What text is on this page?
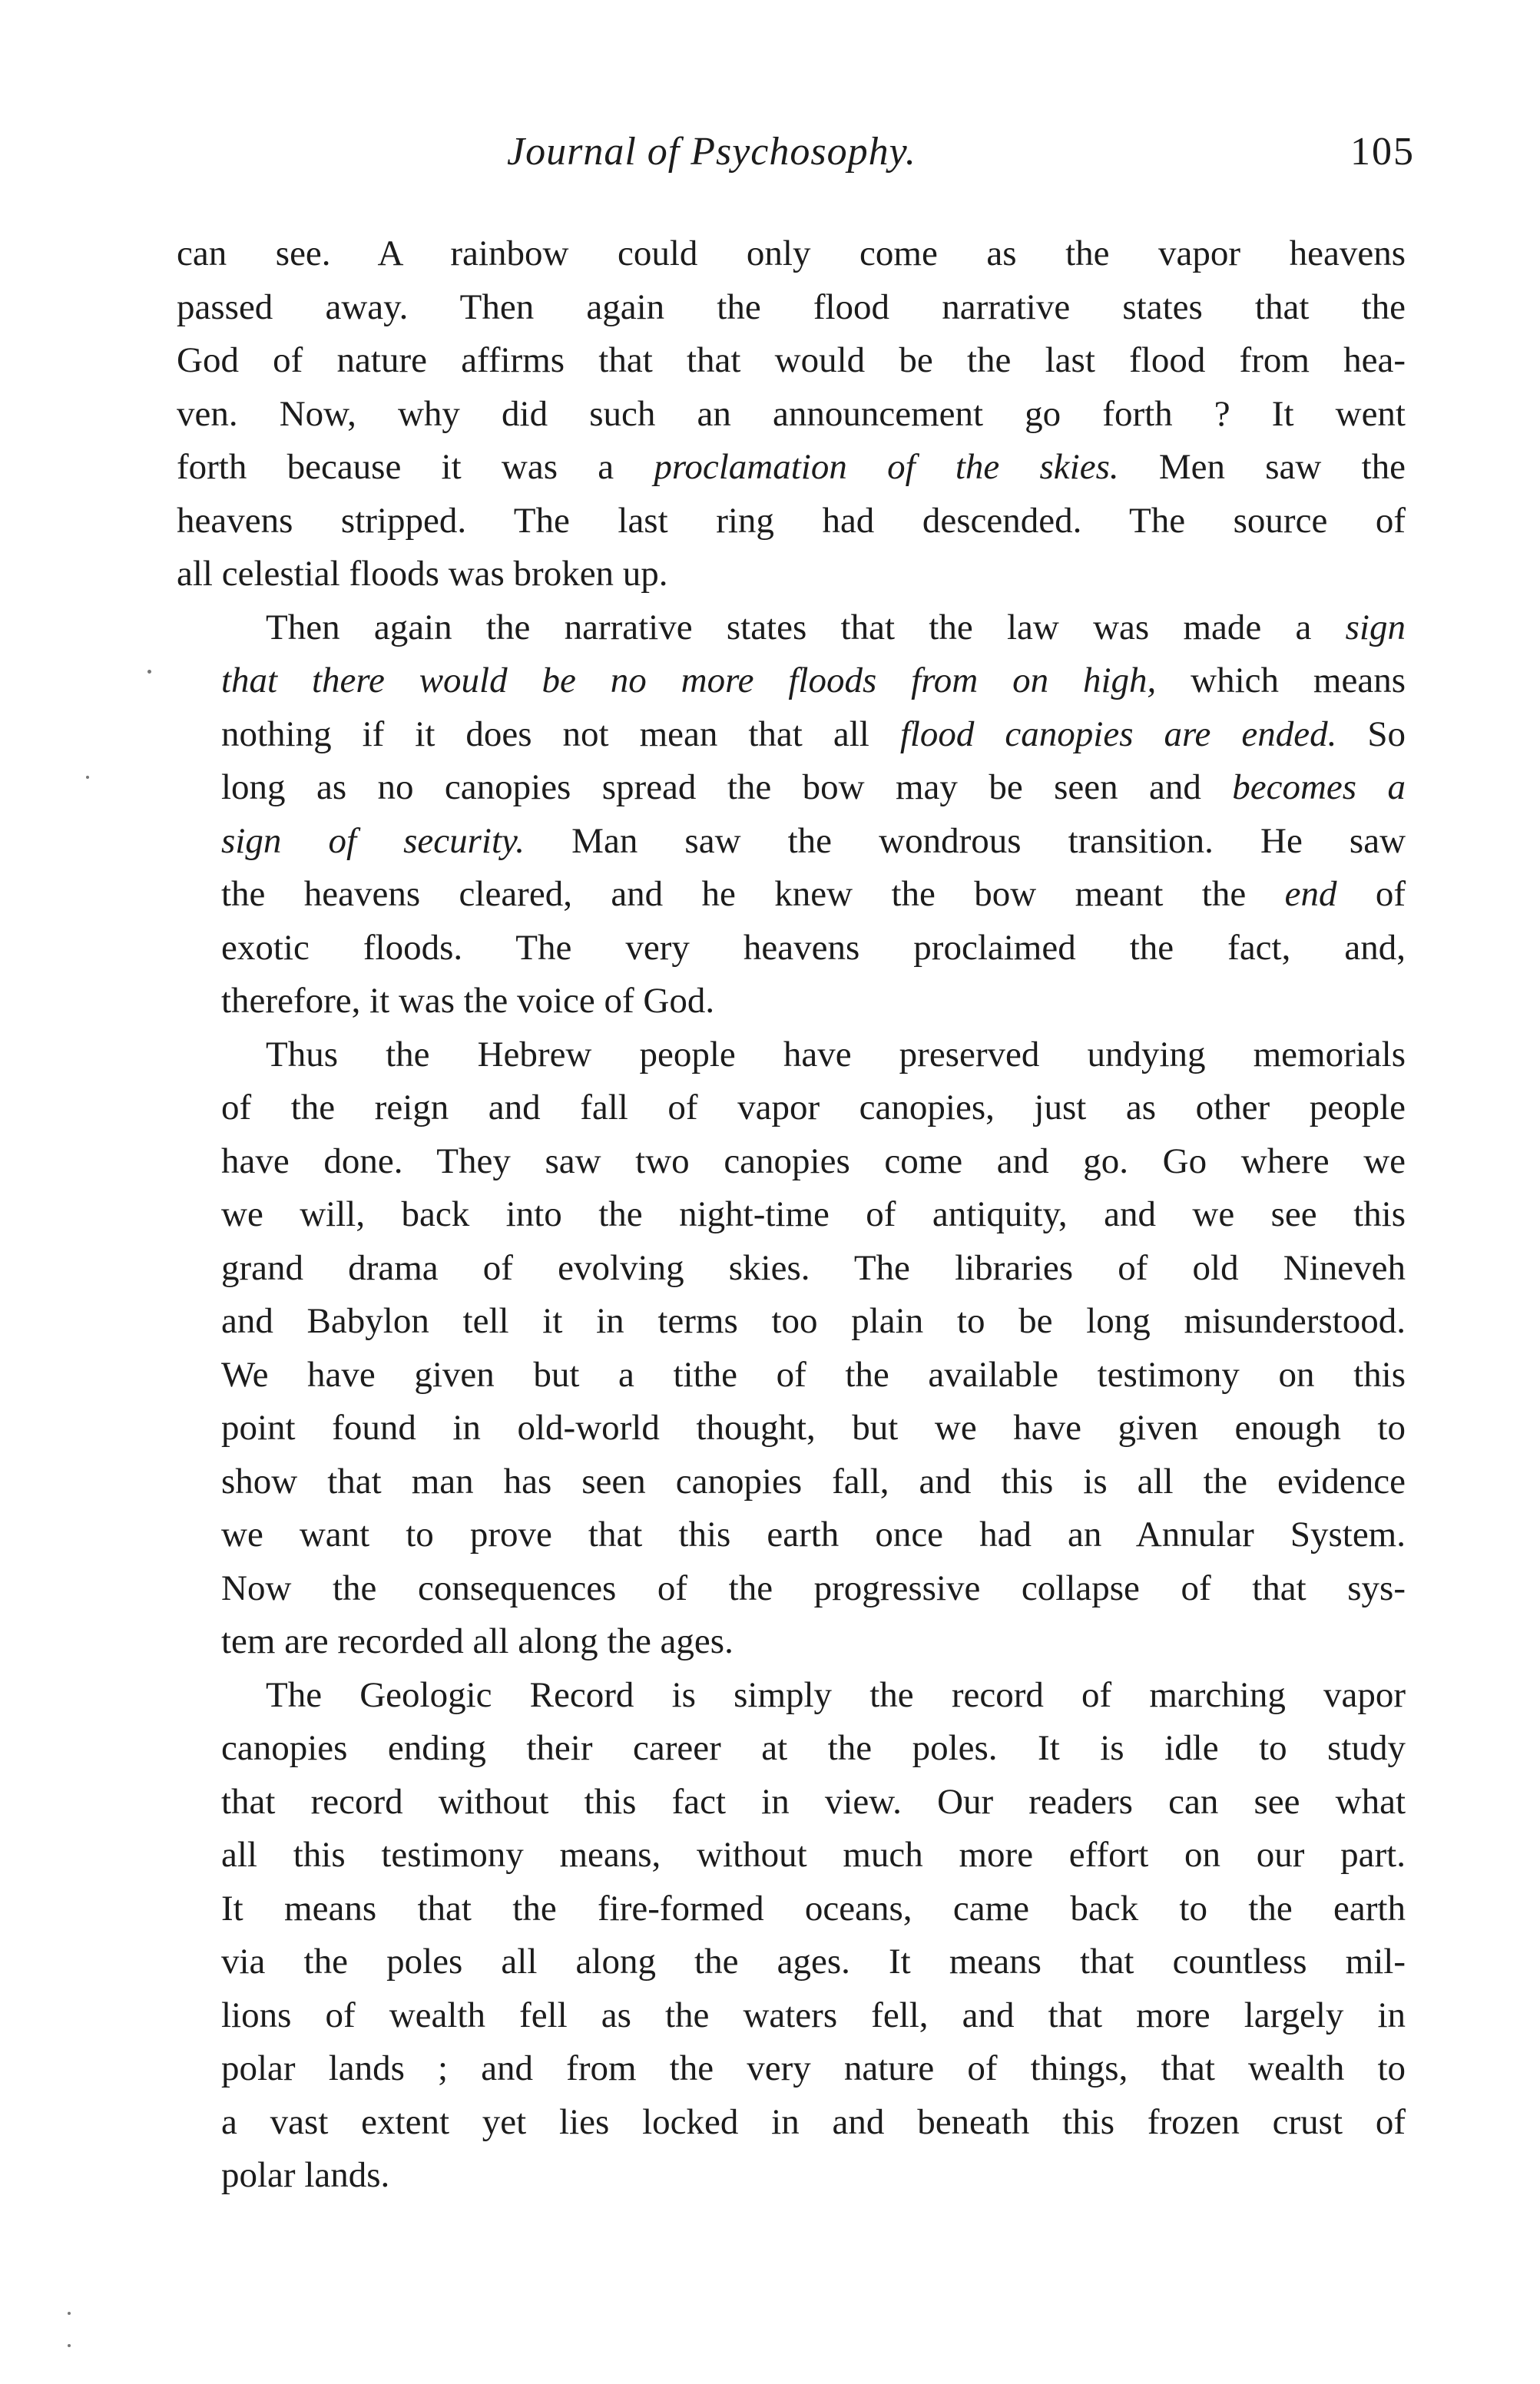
Journal of Psychosophy.	105

can see. A rainbow could only come as the vapor heavens
passed away. Then again the flood narrative states that the
God of nature affirms that that would be the last flood from hea-
ven. Now, why did such an announcement go forth ? It went
forth because it was a proclamation of the skies. Men saw the
heavens stripped. The last ring had descended. The source of
all celestial floods was broken up.

Then again the narrative states that the law was made a sign
that there would be no more floods from on high, which means
nothing if it does not mean that all flood canopies are ended. So
long as no canopies spread the bow may be seen and becomes a
sign of security. Man saw the wondrous transition. He saw
the heavens cleared, and he knew the bow meant the end of
exotic floods. The very heavens proclaimed the fact, and,
therefore, it was the voice of God.

Thus the Hebrew people have preserved undying memorials
of the reign and fall of vapor canopies, just as other people
have done. They saw two canopies come and go. Go where we
we will, back into the night-time of antiquity, and we see this
grand drama of evolving skies. The libraries of old Nineveh
and Babylon tell it in terms too plain to be long misunderstood.
We have given but a tithe of the available testimony on this
point found in old-world thought, but we have given enough to
show that man has seen canopies fall, and this is all the evidence
we want to prove that this earth once had an Annular System.
Now the consequences of the progressive collapse of that sys-
tem are recorded all along the ages.

The Geologic Record is simply the record of marching vapor
canopies ending their career at the poles. It is idle to study
that record without this fact in view. Our readers can see what
all this testimony means, without much more effort on our part.
It means that the fire-formed oceans, came back to the earth
via the poles all along the ages. It means that countless mil-
lions of wealth fell as the waters fell, and that more largely in
polar lands ; and from the very nature of things, that wealth to
a vast extent yet lies locked in and beneath this frozen crust of
polar lands.
